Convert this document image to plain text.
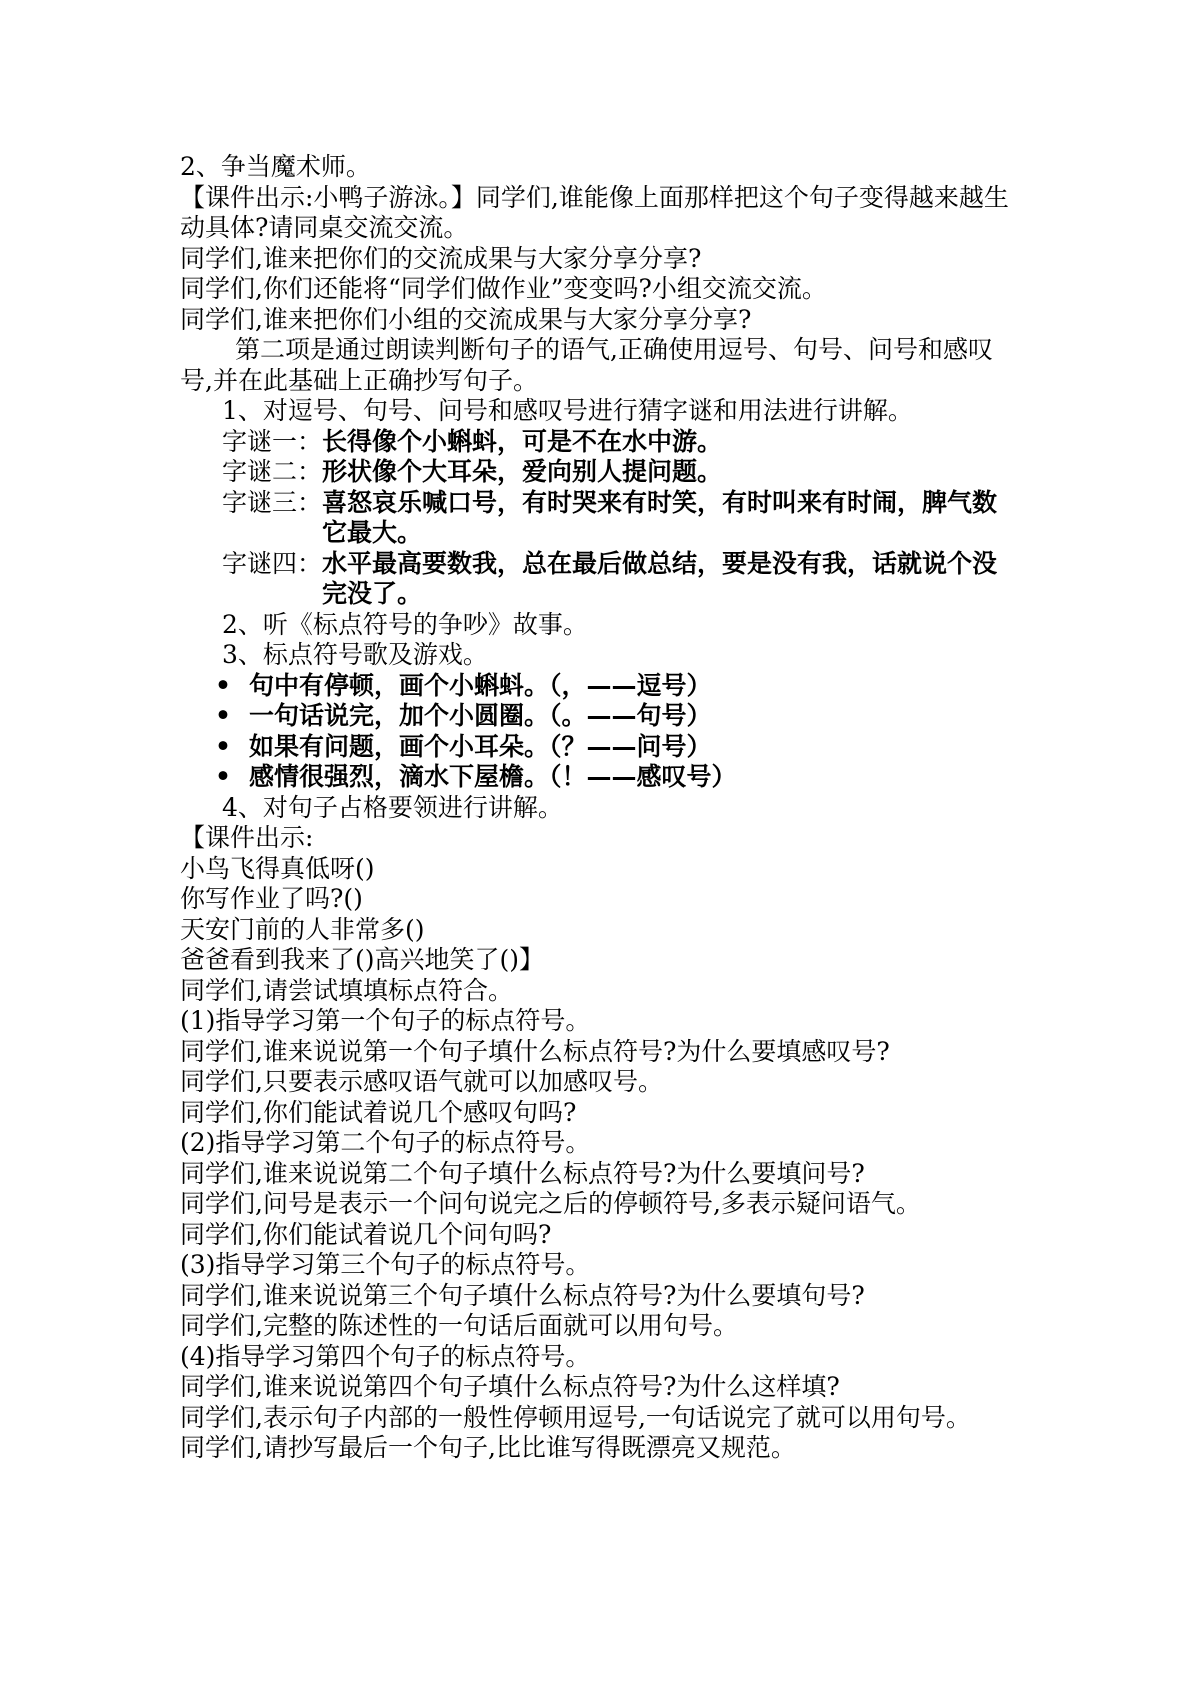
2、争当魔术师。
【课件出示:小鸭子游泳。】同学们,谁能像上面那样把这个句子变得越来越生动具体?请同桌交流交流。
同学们,谁来把你们的交流成果与大家分享分享?
同学们,你们还能将“同学们做作业”变变吗?小组交流交流。
同学们,谁来把你们小组的交流成果与大家分享分享?
第二项是通过朗读判断句子的语气,正确使用逗号、句号、问号和感叹号,并在此基础上正确抄写句子。
1、对逗号、句号、问号和感叹号进行猜字谜和用法进行讲解。
字谜一： 长得像个小蝌蚪，可是不在水中游。
字谜二： 形状像个大耳朵，爱向别人提问题。
字谜三： 喜怒哀乐喊口号，有时哭来有时笑，有时叫来有时闹，脾气数它最大。
字谜四： 水平最高要数我，总在最后做总结，要是没有我，话就说个没完没了。
2、听《标点符号的争吵》故事。
3、标点符号歌及游戏。
• 句中有停顿，画个小蝌蚪。（，——逗号）
• 一句话说完，加个小圆圈。（。——句号）
• 如果有问题，画个小耳朵。（？——问号）
• 感情很强烈，滴水下屋檐。（！——感叹号）
4、对句子占格要领进行讲解。
【课件出示:
小鸟飞得真低呀()
你写作业了吗?()
天安门前的人非常多()
爸爸看到我来了()高兴地笑了()】
同学们,请尝试填填标点符合。
(1)指导学习第一个句子的标点符号。
同学们,谁来说说第一个句子填什么标点符号?为什么要填感叹号?
同学们,只要表示感叹语气就可以加感叹号。
同学们,你们能试着说几个感叹句吗?
(2)指导学习第二个句子的标点符号。
同学们,谁来说说第二个句子填什么标点符号?为什么要填问号?
同学们,问号是表示一个问句说完之后的停顿符号,多表示疑问语气。
同学们,你们能试着说几个问句吗?
(3)指导学习第三个句子的标点符号。
同学们,谁来说说第三个句子填什么标点符号?为什么要填句号?
同学们,完整的陈述性的一句话后面就可以用句号。
(4)指导学习第四个句子的标点符号。
同学们,谁来说说第四个句子填什么标点符号?为什么这样填?
同学们,表示句子内部的一般性停顿用逗号,一句话说完了就可以用句号。
同学们,请抄写最后一个句子,比比谁写得既漂亮又规范。
